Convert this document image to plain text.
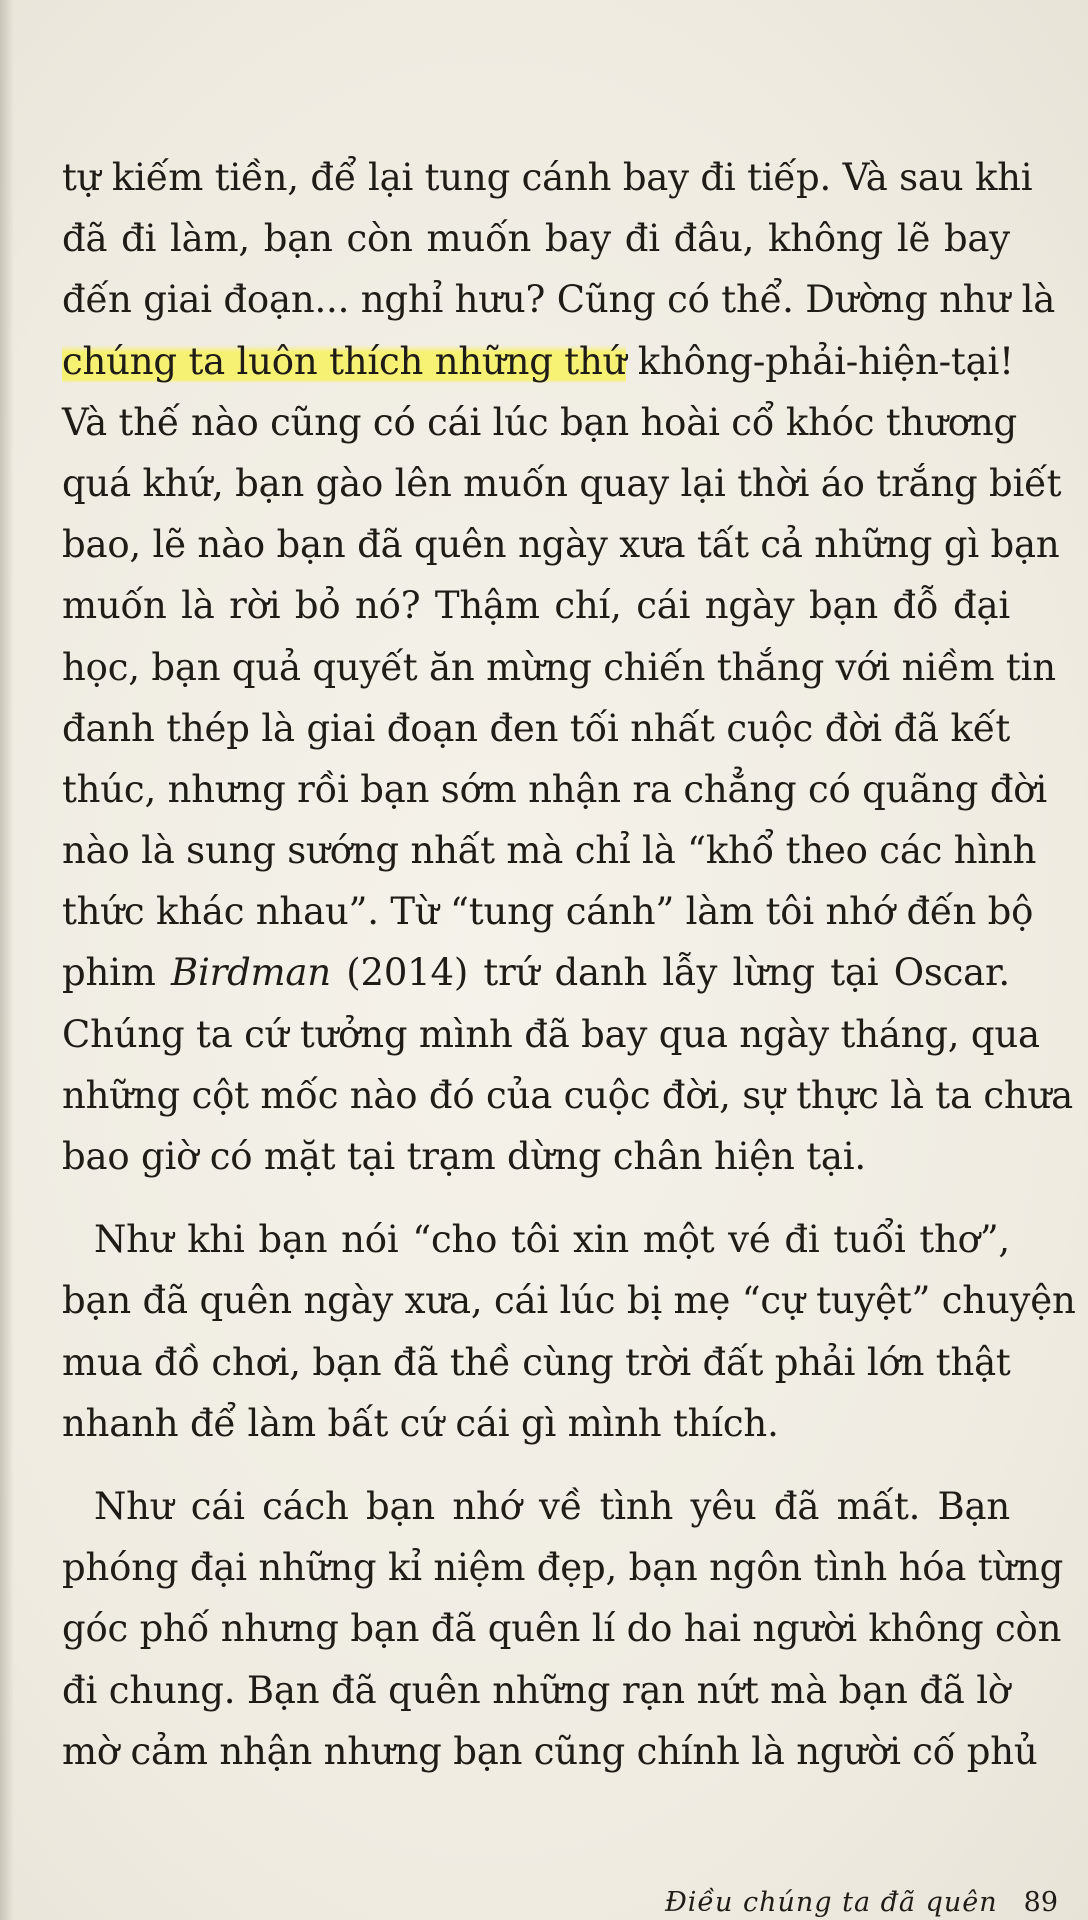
tự kiếm tiền, để lại tung cánh bay đi tiếp. Và sau khi
đã đi làm, bạn còn muốn bay đi đâu, không lẽ bay
đến giai đoạn... nghỉ hưu? Cũng có thể. Dường như là
chúng ta luôn thích những thứ không-phải-hiện-tại!
Và thế nào cũng có cái lúc bạn hoài cổ khóc thương
quá khứ, bạn gào lên muốn quay lại thời áo trắng biết
bao, lẽ nào bạn đã quên ngày xưa tất cả những gì bạn
muốn là rời bỏ nó? Thậm chí, cái ngày bạn đỗ đại
học, bạn quả quyết ăn mừng chiến thắng với niềm tin
đanh thép là giai đoạn đen tối nhất cuộc đời đã kết
thúc, nhưng rồi bạn sớm nhận ra chẳng có quãng đời
nào là sung sướng nhất mà chỉ là “khổ theo các hình
thức khác nhau”. Từ “tung cánh” làm tôi nhớ đến bộ
phim Birdman (2014) trứ danh lẫy lừng tại Oscar.
Chúng ta cứ tưởng mình đã bay qua ngày tháng, qua
những cột mốc nào đó của cuộc đời, sự thực là ta chưa
bao giờ có mặt tại trạm dừng chân hiện tại.
Như khi bạn nói “cho tôi xin một vé đi tuổi thơ”,
bạn đã quên ngày xưa, cái lúc bị mẹ “cự tuyệt” chuyện
mua đồ chơi, bạn đã thề cùng trời đất phải lớn thật
nhanh để làm bất cứ cái gì mình thích.
Như cái cách bạn nhớ về tình yêu đã mất. Bạn
phóng đại những kỉ niệm đẹp, bạn ngôn tình hóa từng
góc phố nhưng bạn đã quên lí do hai người không còn
đi chung. Bạn đã quên những rạn nứt mà bạn đã lờ
mờ cảm nhận nhưng bạn cũng chính là người cố phủ
Điều chúng ta đã quên 89
